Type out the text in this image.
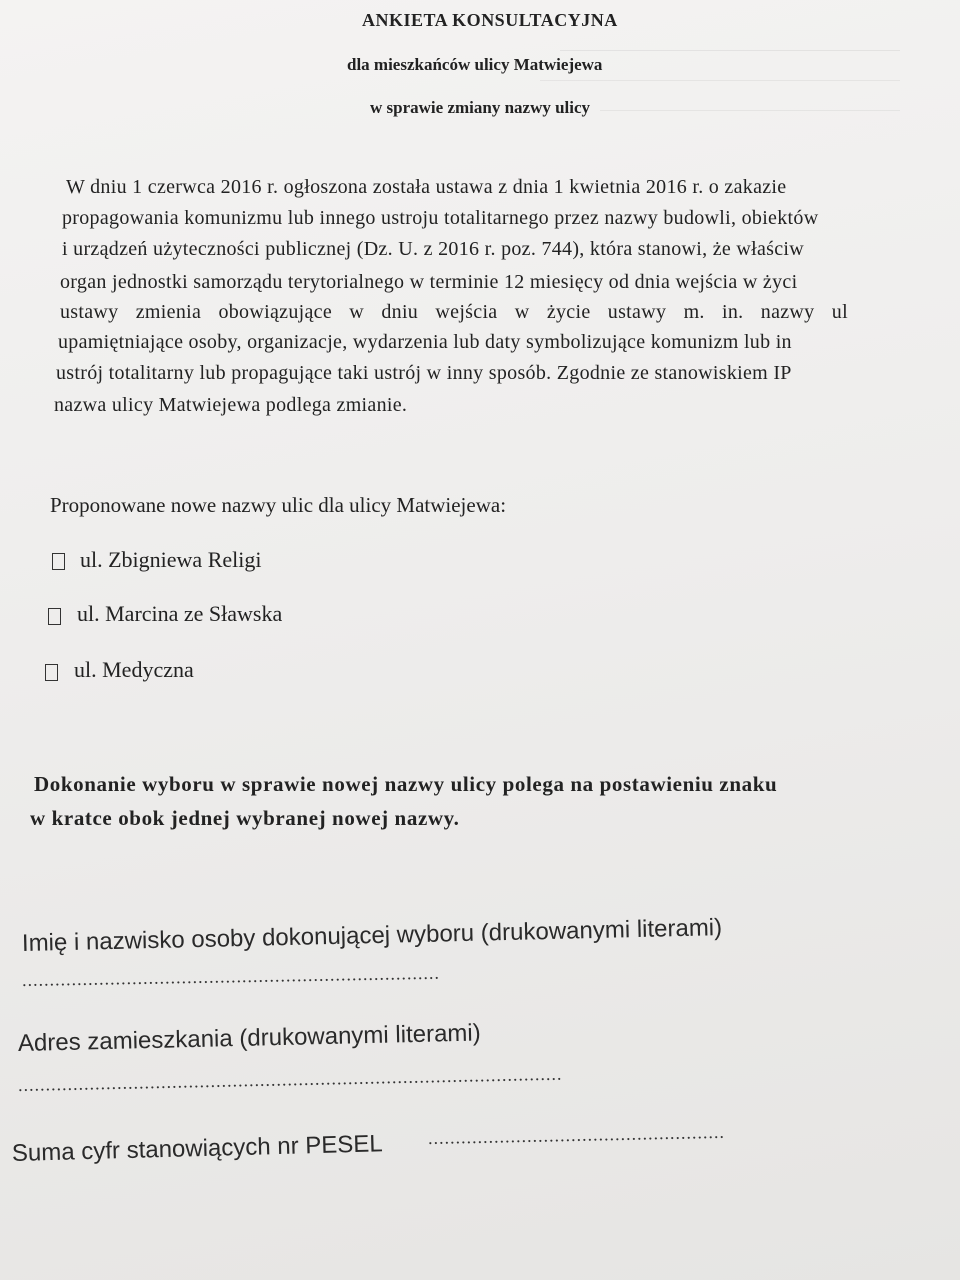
ANKIETA KONSULTACYJNA
dla mieszkańców ulicy Matwiejewa
w sprawie zmiany nazwy ulicy
W dniu 1 czerwca 2016 r. ogłoszona została ustawa z dnia 1 kwietnia 2016 r. o zakazie
propagowania komunizmu lub innego ustroju totalitarnego przez nazwy budowli, obiektów
i urządzeń użyteczności publicznej (Dz. U. z 2016 r. poz. 744), która stanowi, że właściw
organ jednostki samorządu terytorialnego w terminie 12 miesięcy od dnia wejścia w życi
ustawy zmienia obowiązujące w dniu wejścia w życie ustawy m. in. nazwy ul
upamiętniające osoby, organizacje, wydarzenia lub daty symbolizujące komunizm lub in
ustrój totalitarny lub propagujące taki ustrój w inny sposób. Zgodnie ze stanowiskiem IP
nazwa ulicy Matwiejewa podlega zmianie.
Proponowane nowe nazwy ulic dla ulicy Matwiejewa:
ul. Zbigniewa Religi
ul. Marcina ze Sławska
ul. Medyczna
Dokonanie wyboru w sprawie nowej nazwy ulicy polega na postawieniu znaku
w kratce obok jednej wybranej nowej nazwy.
Imię i nazwisko osoby dokonującej wyboru (drukowanymi literami)
............................................................................
Adres zamieszkania (drukowanymi literami)
...................................................................................................
Suma cyfr stanowiących nr PESEL ......................................................
